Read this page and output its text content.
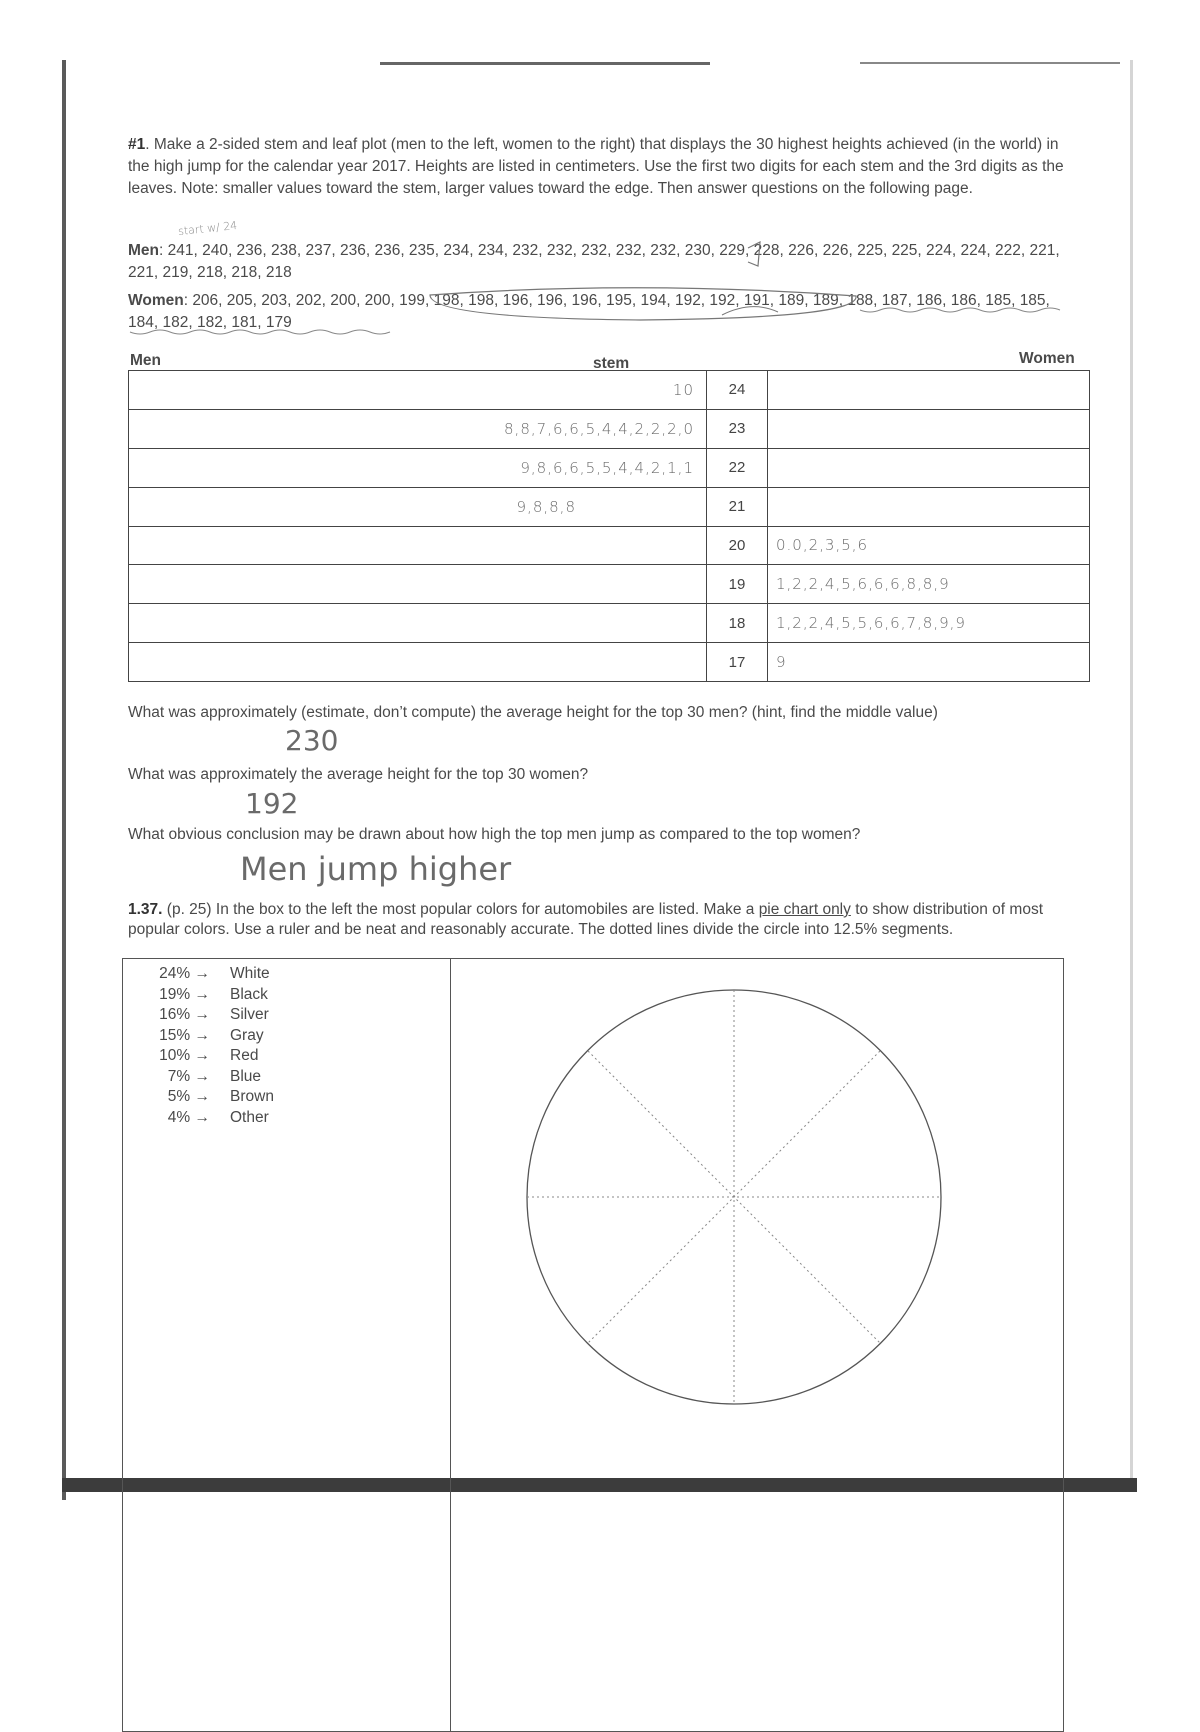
#1. Make a 2-sided stem and leaf plot (men to the left, women to the right) that displays the 30 highest heights achieved (in the world) in the high jump for the calendar year 2017. Heights are listed in centimeters. Use the first two digits for each stem and the 3rd digits as the leaves. Note: smaller values toward the stem, larger values toward the edge. Then answer questions on the following page.
start w/ 24
Men: 241, 240, 236, 238, 237, 236, 236, 235, 234, 234, 232, 232, 232, 232, 232, 230, 229, 228, 226, 226, 225, 225, 224, 224, 222, 221, 221, 219, 218, 218, 218
Women: 206, 205, 203, 202, 200, 200, 199, 198, 198, 196, 196, 196, 195, 194, 192, 192, 191, 189, 189, 188, 187, 186, 186, 185, 185, 184, 182, 182, 181, 179
Men	stem	Women
10	24	
8,8,7,6,6,5,4,4,2,2,2,0	23	
9,8,6,6,5,5,4,4,2,1,1	22	
9,8,8,8	21	
	20	0.0,2,3,5,6
	19	1,2,2,4,5,6,6,6,8,8,9
	18	1,2,2,4,5,5,6,6,7,8,9,9
	17	9
What was approximately (estimate, don’t compute) the average height for the top 30 men? (hint, find the middle value)
230
What was approximately the average height for the top 30 women?
192
What obvious conclusion may be drawn about how high the top men jump as compared to the top women?
Men jump higher
1.37. (p. 25) In the box to the left the most popular colors for automobiles are listed. Make a pie chart only to show distribution of most popular colors. Use a ruler and be neat and reasonably accurate. The dotted lines divide the circle into 12.5% segments.
24% → White
19% → Black
16% → Silver
15% → Gray
10% → Red
7% → Blue
5% → Brown
4% → Other
